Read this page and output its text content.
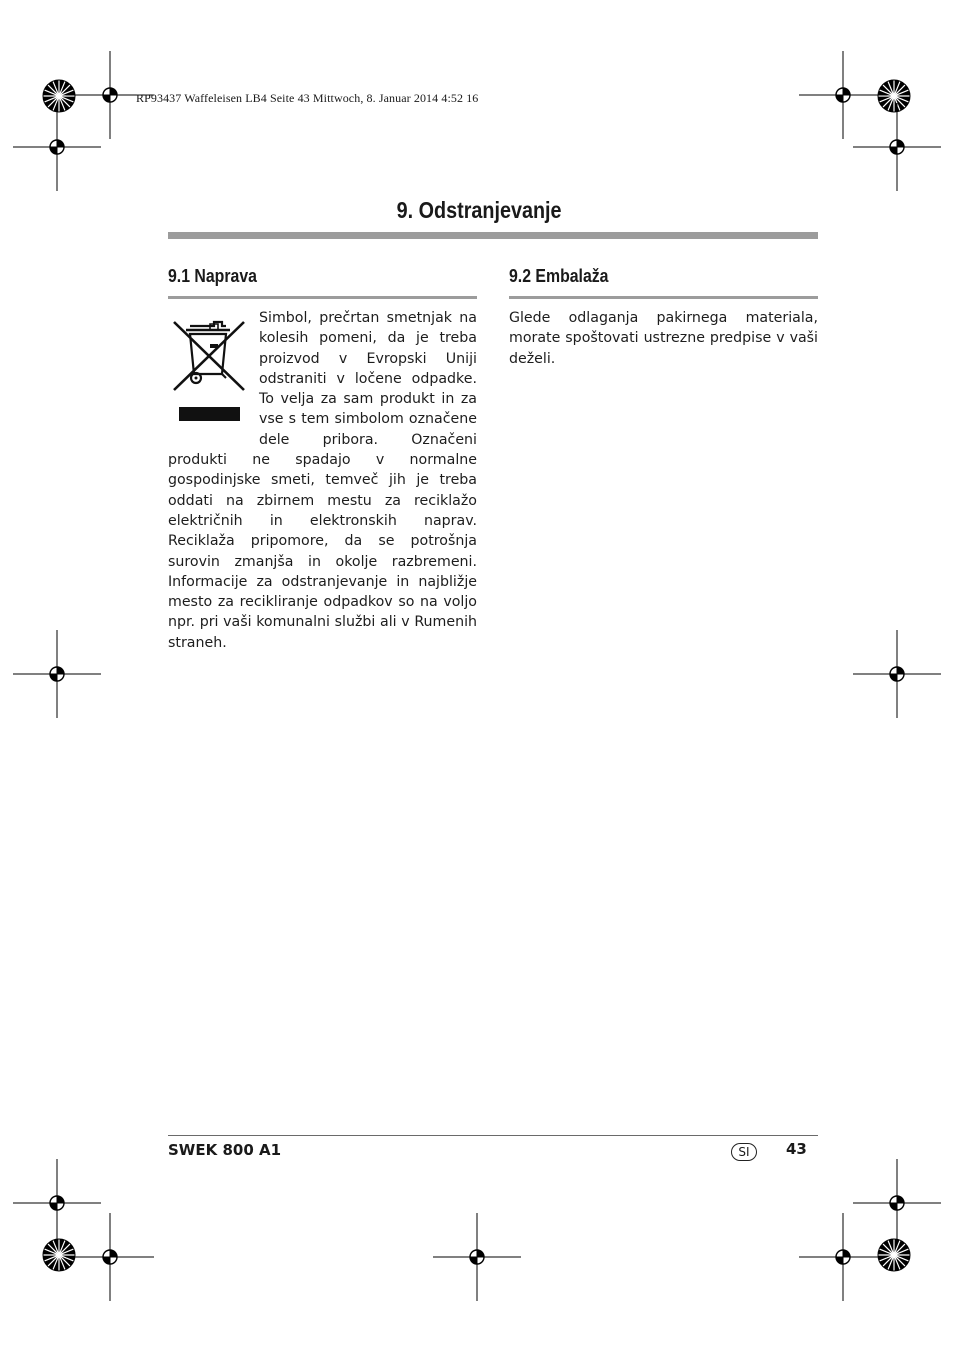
RP93437 Waffeleisen LB4 Seite 43 Mittwoch, 8. Januar 2014 4:52 16
9. Odstranjevanje
9.1 Naprava
Simbol, prečrtan smetnjak na kolesih pomeni, da je treba proizvod v Evropski Uniji odstraniti v ločene odpadke. To velja za sam produkt in za vse s tem simbolom označene dele pribora. Označeni produkti ne spadajo v normalne gospodinjske smeti, temveč jih je treba oddati na zbirnem mestu za reciklažo električnih in elektronskih naprav. Reciklaža pripomore, da se potrošnja surovin zmanjša in okolje razbremeni. Informacije za odstranjevanje in najbližje mesto za recikliranje odpadkov so na voljo npr. pri vaši komunalni službi ali v Rumenih straneh.
9.2 Embalaža
Glede odlaganja pakirnega materiala, morate spoštovati ustrezne predpise v vaši deželi.
SWEK 800 A1	SI	43
